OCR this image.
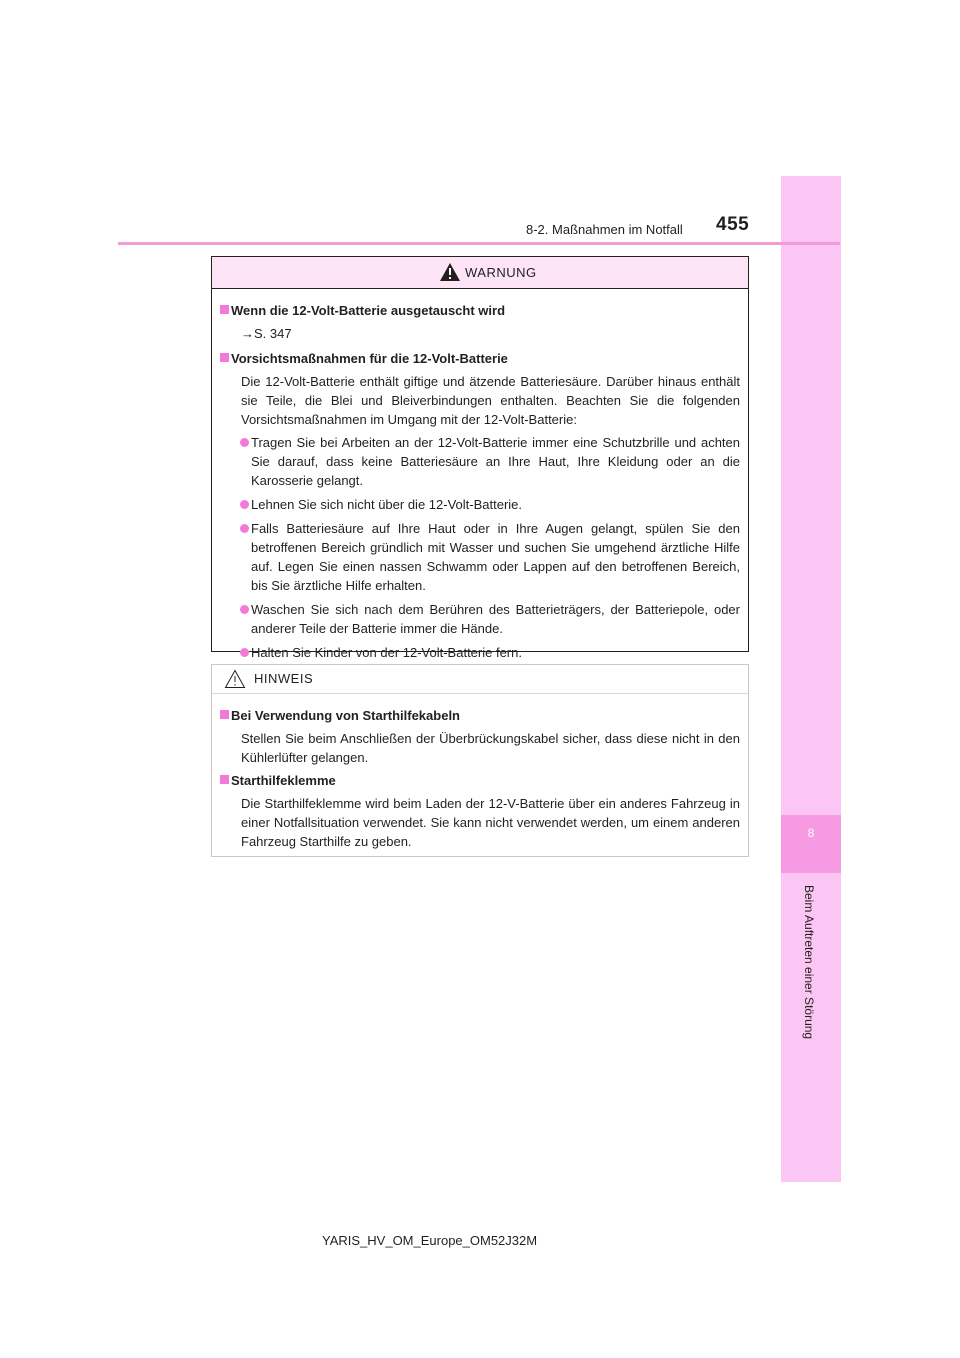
8
Beim Auftreten einer Störung
8-2. Maßnahmen im Notfall 455
WARNUNG
Wenn die 12-Volt-Batterie ausgetauscht wird
→S. 347
Vorsichtsmaßnahmen für die 12-Volt-Batterie
Die 12-Volt-Batterie enthält giftige und ätzende Batteriesäure. Darüber hinaus enthält sie Teile, die Blei und Bleiverbindungen enthalten. Beachten Sie die folgenden Vorsichtsmaßnahmen im Umgang mit der 12-Volt-Batterie:
Tragen Sie bei Arbeiten an der 12-Volt-Batterie immer eine Schutzbrille und achten Sie darauf, dass keine Batteriesäure an Ihre Haut, Ihre Kleidung oder an die Karosserie gelangt.
Lehnen Sie sich nicht über die 12-Volt-Batterie.
Falls Batteriesäure auf Ihre Haut oder in Ihre Augen gelangt, spülen Sie den betroffenen Bereich gründlich mit Wasser und suchen Sie umgehend ärztliche Hilfe auf. Legen Sie einen nassen Schwamm oder Lappen auf den betroffenen Bereich, bis Sie ärztliche Hilfe erhalten.
Waschen Sie sich nach dem Berühren des Batterieträgers, der Batteriepole, oder anderer Teile der Batterie immer die Hände.
Halten Sie Kinder von der 12-Volt-Batterie fern.
HINWEIS
Bei Verwendung von Starthilfekabeln
Stellen Sie beim Anschließen der Überbrückungskabel sicher, dass diese nicht in den Kühlerlüfter gelangen.
Starthilfeklemme
Die Starthilfeklemme wird beim Laden der 12-V-Batterie über ein anderes Fahrzeug in einer Notfallsituation verwendet. Sie kann nicht verwendet werden, um einem anderen Fahrzeug Starthilfe zu geben.
YARIS_HV_OM_Europe_OM52J32M
